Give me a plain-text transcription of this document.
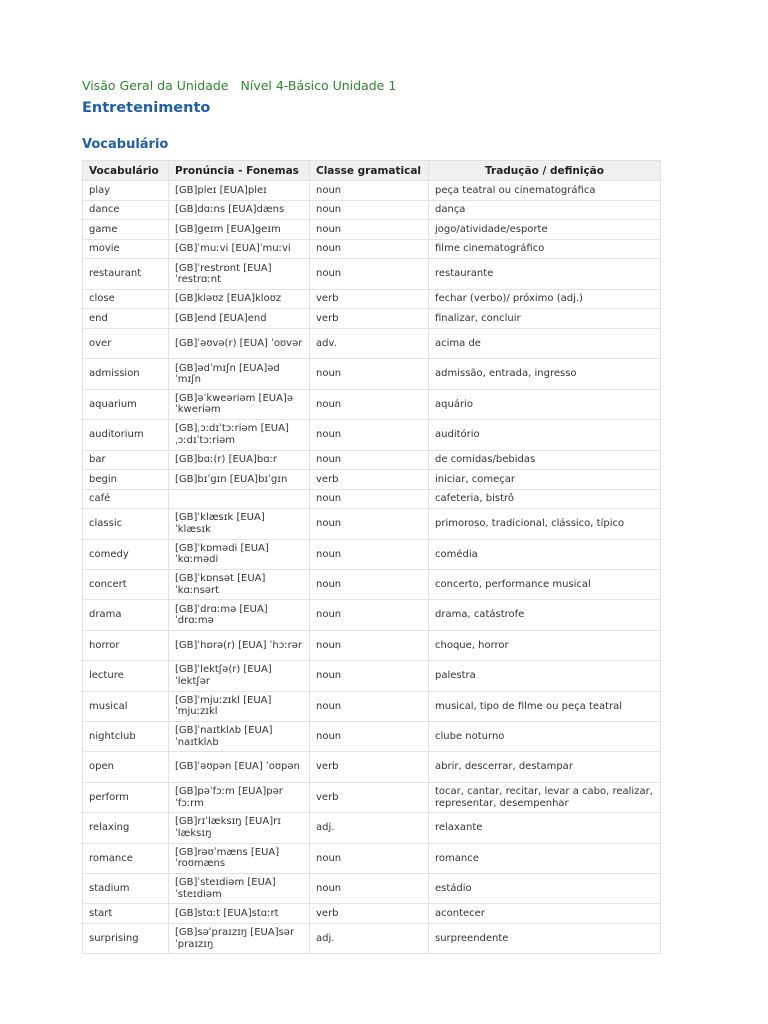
Visão Geral da Unidade Nível 4-Básico Unidade 1
Entretenimento
Vocabulário
Vocabulário	Pronúncia - Fonemas	Classe gramatical	Tradução / definição
play	[GB]pleɪ [EUA]pleɪ	noun	peça teatral ou cinematográfica
dance	[GB]dɑːns [EUA]dæns	noun	dança
game	[GB]geɪm [EUA]geɪm	noun	jogo/atividade/esporte
movie	[GB]ˈmuːvi [EUA]ˈmuːvi	noun	filme cinematográfico
restaurant	[GB]ˈrestrɒnt [EUA] ˈrestrɑːnt	noun	restaurante
close	[GB]kləʊz [EUA]kloʊz	verb	fechar (verbo)/ próximo (adj.)
end	[GB]end [EUA]end	verb	finalizar, concluir
over	[GB]ˈəʊvə(r) [EUA] ˈoʊvər	adv.	acima de
admission	[GB]ədˈmɪʃn [EUA]əd ˈmɪʃn	noun	admissão, entrada, ingresso
aquarium	[GB]əˈkweəriəm [EUA]ə ˈkweriəm	noun	aquário
auditorium	[GB]ˌɔːdɪˈtɔːriəm [EUA] ˌɔːdɪˈtɔːriəm	noun	auditório
bar	[GB]bɑː(r) [EUA]bɑːr	noun	de comidas/bebidas
begin	[GB]bɪˈgɪn [EUA]bɪˈgɪn	verb	iniciar, começar
café		noun	cafeteria, bistrô
classic	[GB]ˈklæsɪk [EUA] ˈklæsɪk	noun	primoroso, tradicional, clássico, típico
comedy	[GB]ˈkɒmədi [EUA] ˈkɑːmədi	noun	comédia
concert	[GB]ˈkɒnsət [EUA] ˈkɑːnsərt	noun	concerto, performance musical
drama	[GB]ˈdrɑːmə [EUA] ˈdrɑːmə	noun	drama, catástrofe
horror	[GB]ˈhɒrə(r) [EUA] ˈhɔːrər	noun	choque, horror
lecture	[GB]ˈlektʃə(r) [EUA] ˈlektʃər	noun	palestra
musical	[GB]ˈmjuːzɪkl [EUA] ˈmjuːzɪkl	noun	musical, tipo de filme ou peça teatral
nightclub	[GB]ˈnaɪtklʌb [EUA] ˈnaɪtklʌb	noun	clube noturno
open	[GB]ˈəʊpən [EUA] ˈoʊpən	verb	abrir, descerrar, destampar
perform	[GB]pəˈfɔːm [EUA]pər ˈfɔːrm	verb	tocar, cantar, recitar, levar a cabo, realizar, representar, desempenhar
relaxing	[GB]rɪˈlæksɪŋ [EUA]rɪ ˈlæksɪŋ	adj.	relaxante
romance	[GB]rəʊˈmæns [EUA] ˈroʊmæns	noun	romance
stadium	[GB]ˈsteɪdiəm [EUA] ˈsteɪdiəm	noun	estádio
start	[GB]stɑːt [EUA]stɑːrt	verb	acontecer
surprising	[GB]səˈpraɪzɪŋ [EUA]sər ˈpraɪzɪŋ	adj.	surpreendente
